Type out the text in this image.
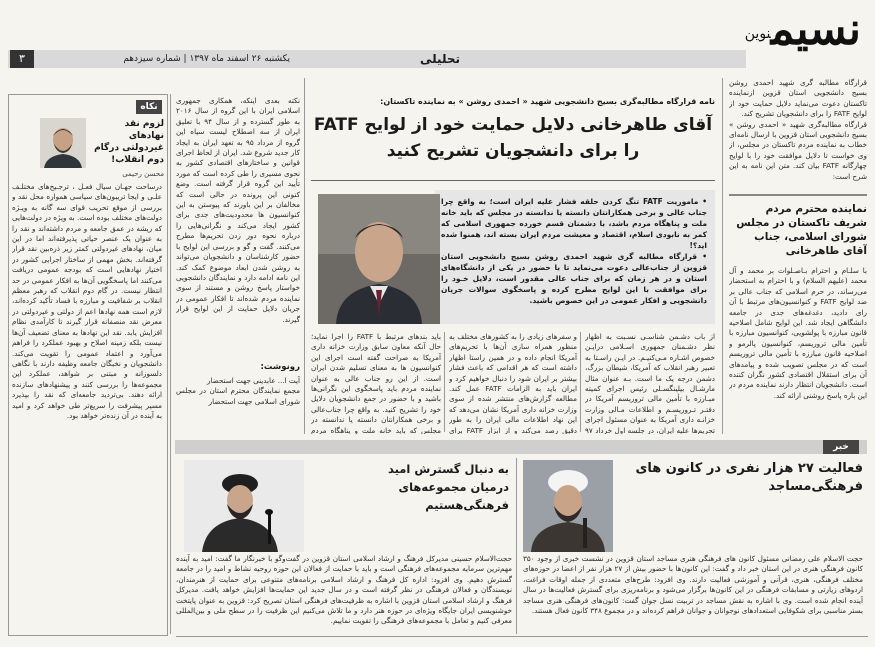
نسیمنوین
تحلیلی
یکشنبه ۲۶ اسفند ماه ۱۳۹۷ | شماره سیزدهم
۳
قرارگاه مطالبه گری شهید احمدی روشن بسیج دانشجویی استان قزوین ازنماینده تاکستان دعوت می‌نماید دلایل حمایت خود از لوایح FATF را برای دانشجویان تشریح کند.
قرارگاه مطالبه‌گری شهید « احمدی روشن » بسیج دانشجویی استان قزوین با ارسال نامه‌ای خطاب به نماینده مردم تاکستان در مجلس، از وی خواست تا دلایل موافقت خود را با لوایح چهارگانه FATF بیان کند. متن این نامه به این شرح است:
نماینده محترم مردم شریف تاکستان در مجلس شورای اسلامی، جناب آقای طاهرخانی
با سلـام و احترام بـاصـلوات بر محمد و آل محمد (علیهم السلام) و با احترام به استحضار می‌رساند، در حرم اسلامی که جناب عالی بر ضد لوایح FATF و کنوانسیون‌های مرتبط با آن رای دادید، دغدغه‌های جدی در جامعه دانشگاهی ایجاد شد. این لوایح شامل اصلاحیه قانون مبارزه با پولشویی، کنوانسیون مبارزه با تأمین مالی تروریسم، کنوانسیون پالرمو و اصلاحیه قانون مبارزه با تأمین مالی تروریسم است که در مجلس تصویب شده و پیامدهای آن برای استقلال اقتصادی کشور نگران کننده است. دانشجویان انتظار دارند نماینده مردم در این باره پاسخ روشنی ارائه کند.
نامه قرارگاه مطالبه‌گری بسیج دانشجویی شهید « احمدی روشن » به نماینده تاکستان:
آقای طاهرخانی دلایل حمایت خود از لوایح FATF را برای دانشجویان تشریح کنید
• ماموریت FATF تنگ کردن حلقه فشار علیه ایران است؛ به واقع چرا جناب عالی و برخی همکارانتان دانسته یا ندانسته در مجلس که باید خانه ملت و پناهگاه مردم باشد، با دشمنان قسم خورده جمهوری اسلامی که کمر به نابودی اسلام، اقتصاد و معیشت مردم ایران بسته اند، همنوا شده اید؟!
• قرارگاه مطالبه گری شهید احمدی روشن بسیج دانشجویی استان قزوین از جناب‌عالی دعوت می‌نماید تا با حضور در یکی از دانشگاه‌های استان و در هر زمان که برای جناب عالی مقدور است، دلایل خـود را برای موافقت با این لوایح مطرح کرده و پاسخگوی سوالات جریان دانشجویی و افکار عمومی در این خصوص باشید.
از باب دشـمن شناسـی نسـبت به اظهار نظر دشـمنان جمهوری اسـلامی درایـن خصوص اشـاره مـی‌کنیـم. در ایـن راسـتا به تعبیر رهبر انقلاب که آمریکا، شیطان بزرگ، دشمن درجه یک ما است. بـه عنوان مثال مارشـال بیلینگسـلی رئیس اجرای کمیته مبـارزه با تأمین مالی تروریسم آمریکا در دفتـر تـروریسـم و اطلاعات مـالی وزارت خزانـه داری آمریکا به عنوان مسئول اجرای تحریم‌ها علیه ایران، در جلسه اول خرداد ۹۷
و سفرهای زیادی را به کشورهای مختلف به منظور همراه سازی آن‌ها با تحریم‌های آمریکا انجام داده و در همین راستا اظهار داشته است که هر اقدامی که باعث فشار بیشتر بر ایران شود را دنبال خواهیم کرد و ایران باید به الزامات FATF عمل کند. مطالعه گزارش‌های منتشر شده از سوی وزارت خزانه داری آمریکا نشان می‌دهد که این نهاد اطلاعات مالی ایران را به طور دقیق رصد می‌کند و از ابزار FATF برای
باید بندهای مرتبط با FATF را اجرا نماید؛ حال آنکه معاون سابق وزارت خزانه داری آمریکا به صراحت گفته است اجرای این کنوانسیون ها به معنای تسلیم شدن ایران است. از این رو جناب عالی به عنوان نماینده مردم باید پاسخگوی این نگرانی‌ها باشید و با حضور در جمع دانشجویان دلایل خود را تشریح کنید. به واقع چرا جناب‌عالی و برخی همکارانتان دانسته یا ندانسته در مجلس که باید خانه ملت و پناهگاه مردم
نکته بعدی اینکه، همکاری جمهوری اسلامی ایران با این گروه از سال ۲۰۱۶ به طور گسترده و از سال ۹۴ با تعلیق ایران از سه اصطلاح لیست سیاه این گروه از مرداد ۹۵ به تعهد ایران به ایجاد کار جدید شروع شد. ایران از لحاظ اجرای قوانین و ساختارهای اقتصادی کشور به نحوی مسیری را طی کرده است که مورد تأیید این گروه قرار گرفته است. وضع کنونی این پرونده در حالی است که مخالفان بر این باورند که پیوستن به این کنوانسیون ها محدودیت‌های جدی برای کشور ایجاد می‌کند و نگرانی‌هایی را درباره نحوه دور زدن تحریم‌ها مطرح می‌کنند. گفت و گو و بررسی این لوایح با حضور کارشناسان و دانشجویان می‌تواند به روشن شدن ابعاد موضوع کمک کند. این نامه ادامه دارد و نمایندگان دانشجویی خواستار پاسخ روشن و مستند از سوی نماینده مردم شده‌اند تا افکار عمومی در جریان دلایل حمایت از این لوایح قرار گیرند.
رونوشت:
آیت ا... عابدینی جهت استحضار
مجمع نمایندگان محترم استان در مجلس شورای اسلامی جهت استحضار
نکاه
لزوم نقد نهادهای غیردولتی درگام دوم انقلاب!
محسن رحیمی
درساحت جهـان سیال فعـل ، ترجـیح‌های مختلـف علـی و ایجا تریبون‌های سیاسی همواره محل نقد و بررسی از موقع تحریب قوای سه گانه به ویـژه دولت‌های مختلف بوده است. به ویژه در دولت‌هایی که ریشه در عمق جامعه و مردم داشته‌اند و نقد را به عنوان یک عنصر حیاتی پذیرفته‌اند اما در این میان، نهادهای غیردولتی کمتر زیر ذره‌بین نقد قرار گرفته‌اند. بخش مهمی از ساختار اجرایی کشور در اختیار نهادهایی است که بودجه عمومی دریافت می‌کنند اما پاسخگویی آن‌ها به افکار عمومی در حد انتظار نیست. در گام دوم انقلاب که رهبر معظم انقلاب بر شفافیت و مبارزه با فساد تأکید کرده‌اند، لازم است همه نهادها اعم از دولتی و غیردولتی در معرض نقد منصفانه قرار گیرند تا کارآمدی نظام افزایش یابد. نقد این نهادها به معنای تضعیف آن‌ها نیست بلکه زمینه اصلاح و بهبود عملکرد را فراهم می‌آورد و اعتماد عمومی را تقویت می‌کند. دانشجویان و نخبگان جامعه وظیفه دارند با نگاهی دلسوزانه و مبتنی بر شواهد، عملکرد این مجموعه‌ها را بررسی کنند و پیشنهادهای سازنده ارائه دهند. بی‌تردید جامعه‌ای که نقد را بپذیرد مسیر پیشرفت را سریع‌تر طی خواهد کرد و امید به آینده در آن زنده‌تر خواهد بود.
خبر
فعالیت ۲۷ هزار نفری در کانون های فرهنگی‌مساجد
حجت الاسلام علی رمضانی مسئول کانون های فرهنگی هنری مساجد استان قزوین در نشست خبری از وجود ۳۵۰ کانون فرهنگی هنری در این استان خبر داد و گفت: این کانون‌ها با حضور بیش از ۲۷ هزار نفر از اعضا در حوزه‌های مختلف فرهنگی، هنری، قرآنی و آموزشی فعالیت دارند. وی افزود: طرح‌های متعددی از جمله اوقات فراغت، اردوهای زیارتی و مسابقات فرهنگی در این کانون‌ها برگزار می‌شود و برنامه‌ریزی برای گسترش فعالیت‌ها در سال آینده انجام شده است. وی با اشاره به نقش مساجد در تربیت نسل جوان گفت: کانون‌های فرهنگی هنری مساجد بستر مناسبی برای شکوفایی استعدادهای نوجوانان و جوانان فراهم کرده‌اند و در مجموع ۳۴۸ کانون فعال هستند.
به دنبال گسترش امید درمیان مجموعه‌های فرهنگی‌هستیم
حجت‌الاسلام حسینی مدیرکل فرهنگ و ارشاد اسلامی استان قزوین در گفت‌وگو با خبرنگار ما گفت: امید به آینده مهم‌ترین سرمایه مجموعه‌های فرهنگی است و باید با حمایت از فعالان این حوزه روحیه نشاط و امید را در جامعه گسترش دهیم. وی افزود: اداره کل فرهنگ و ارشاد اسلامی برنامه‌های متنوعی برای حمایت از هنرمندان، نویسندگان و فعالان فرهنگی در نظر گرفته است و در سال جدید این حمایت‌ها افزایش خواهد یافت. مدیرکل فرهنگ و ارشاد اسلامی استان قزوین با اشاره به ظرفیت‌های فرهنگی استان تصریح کرد: قزوین به عنوان پایتخت خوشنویسی ایران جایگاه ویژه‌ای در حوزه هنر دارد و ما تلاش می‌کنیم این ظرفیت را در سطح ملی و بین‌المللی معرفی کنیم و تعامل با مجموعه‌های فرهنگی را تقویت نماییم.
